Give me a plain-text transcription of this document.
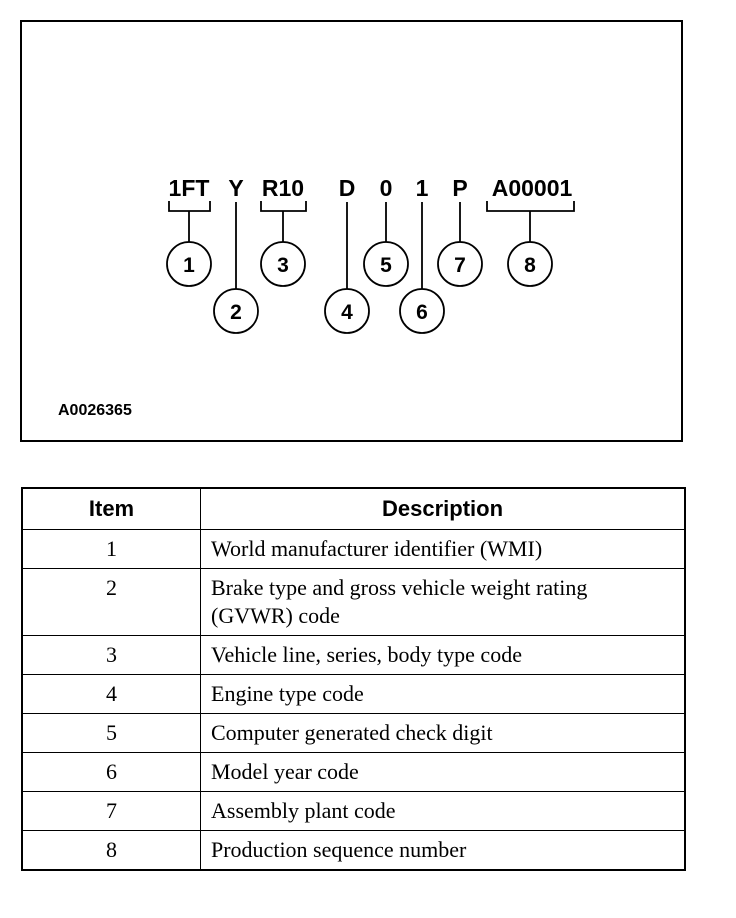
1FT Y R10 D 0 1 P A00001
1
2
3
4
5
6
7	8
A0026365
Item	Description
1	World manufacturer identifier (WMI)
2	Brake type and gross vehicle weight rating (GVWR) code
3	Vehicle line, series, body type code
4	Engine type code
5	Computer generated check digit
6	Model year code
7	Assembly plant code
8	Production sequence number
